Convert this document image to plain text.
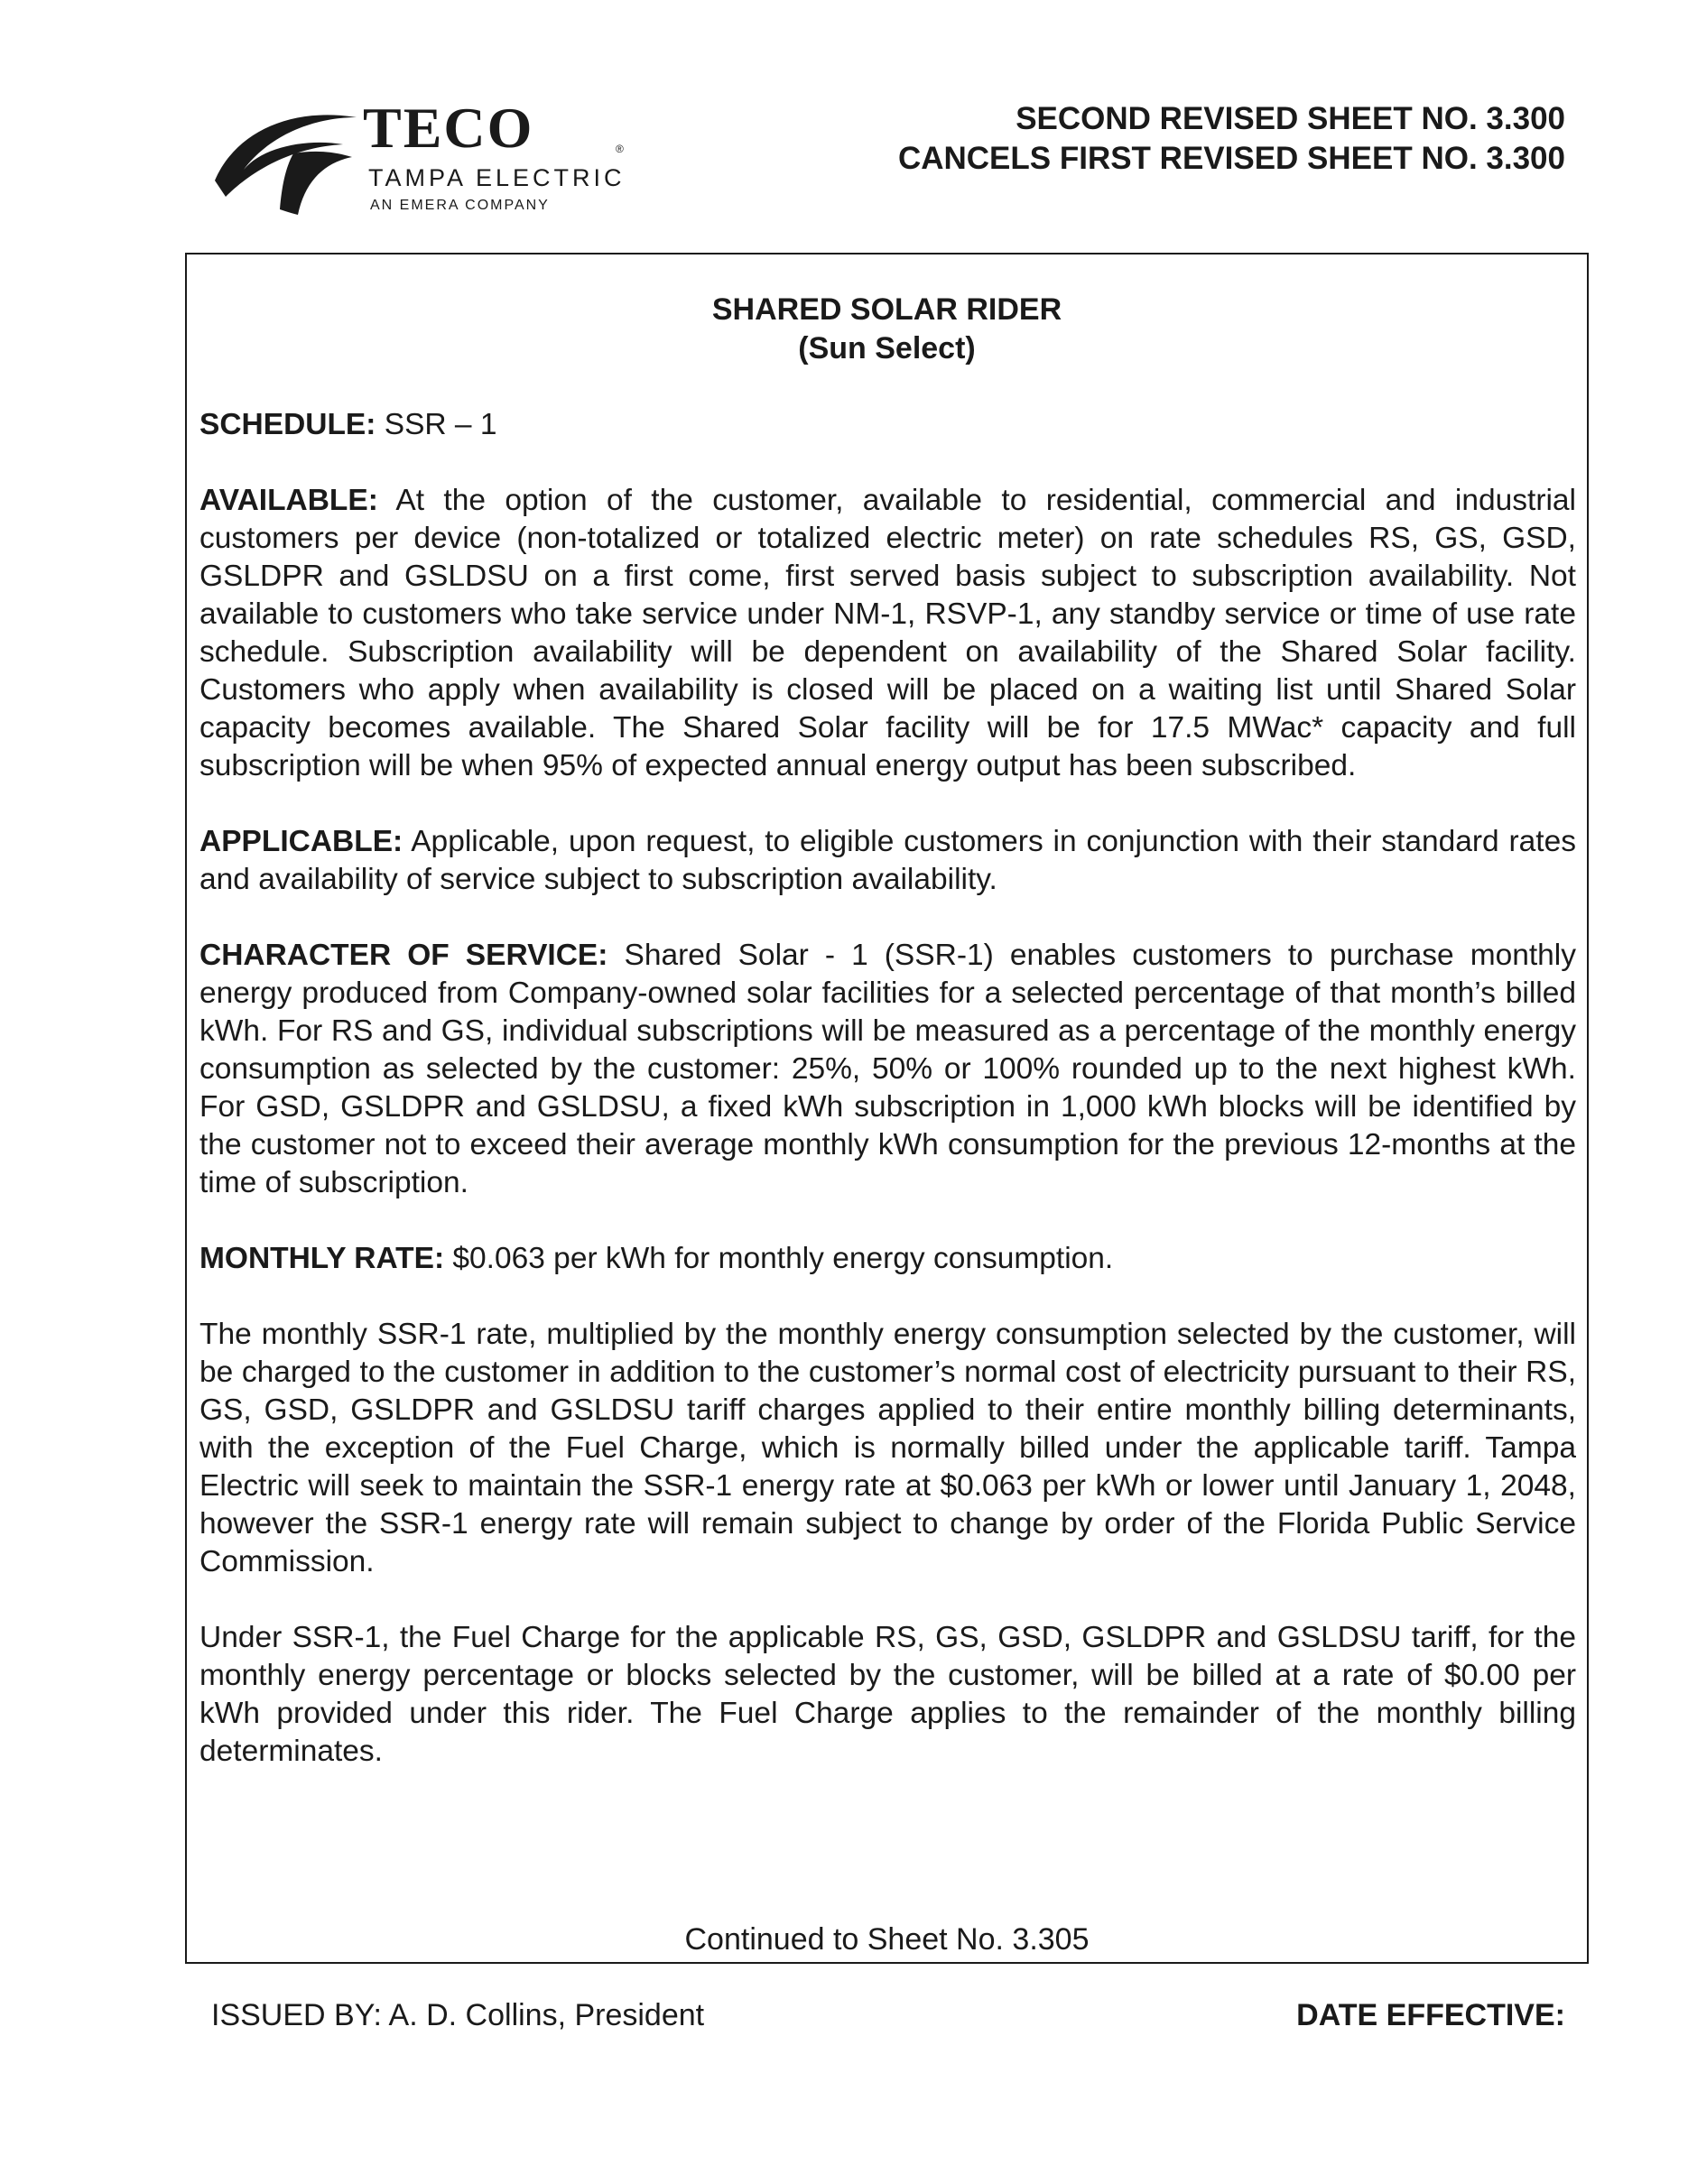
TECO	®
TAMPA ELECTRIC
AN EMERA COMPANY
SECOND REVISED SHEET NO. 3.300
CANCELS FIRST REVISED SHEET NO. 3.300
SHARED SOLAR RIDER
(Sun Select)

SCHEDULE: SSR – 1

AVAILABLE: At the option of the customer, available to residential, commercial and industrial customers per device (non-totalized or totalized electric meter) on rate schedules RS, GS, GSD, GSLDPR and GSLDSU on a first come, first served basis subject to subscription availability. Not available to customers who take service under NM-1, RSVP-1, any standby service or time of use rate schedule. Subscription availability will be dependent on availability of the Shared Solar facility. Customers who apply when availability is closed will be placed on a waiting list until Shared Solar capacity becomes available. The Shared Solar facility will be for 17.5 MWac* capacity and full subscription will be when 95% of expected annual energy output has been subscribed.

APPLICABLE: Applicable, upon request, to eligible customers in conjunction with their standard rates and availability of service subject to subscription availability.

CHARACTER OF SERVICE: Shared Solar - 1 (SSR-1) enables customers to purchase monthly energy produced from Company-owned solar facilities for a selected percentage of that month’s billed kWh. For RS and GS, individual subscriptions will be measured as a percentage of the monthly energy consumption as selected by the customer: 25%, 50% or 100% rounded up to the next highest kWh. For GSD, GSLDPR and GSLDSU, a fixed kWh subscription in 1,000 kWh blocks will be identified by the customer not to exceed their average monthly kWh consumption for the previous 12-months at the time of subscription.

MONTHLY RATE: $0.063 per kWh for monthly energy consumption.

The monthly SSR-1 rate, multiplied by the monthly energy consumption selected by the customer, will be charged to the customer in addition to the customer’s normal cost of electricity pursuant to their RS, GS, GSD, GSLDPR and GSLDSU tariff charges applied to their entire monthly billing determinants, with the exception of the Fuel Charge, which is normally billed under the applicable tariff. Tampa Electric will seek to maintain the SSR-1 energy rate at $0.063 per kWh or lower until January 1, 2048, however the SSR-1 energy rate will remain subject to change by order of the Florida Public Service Commission.

Under SSR-1, the Fuel Charge for the applicable RS, GS, GSD, GSLDPR and GSLDSU tariff, for the monthly energy percentage or blocks selected by the customer, will be billed at a rate of $0.00 per kWh provided under this rider. The Fuel Charge applies to the remainder of the monthly billing determinates.

Continued to Sheet No. 3.305
ISSUED BY: A. D. Collins, President	DATE EFFECTIVE:
